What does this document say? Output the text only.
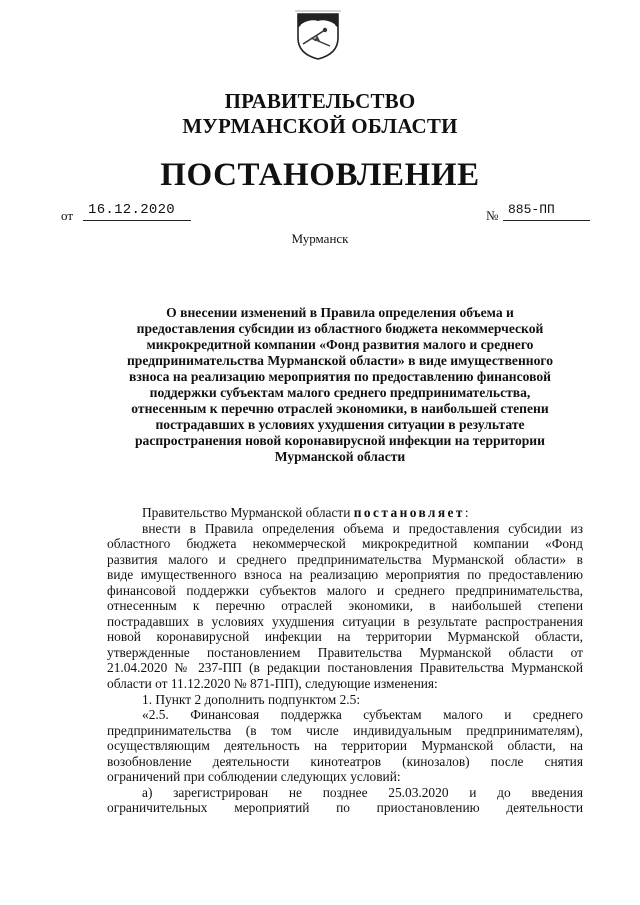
ПРАВИТЕЛЬСТВО
МУРМАНСКОЙ ОБЛАСТИ
ПОСТАНОВЛЕНИЕ
от	16.12.2020	№ 885-ПП
Мурманск
О внесении изменений в Правила определения объема и
предоставления субсидии из областного бюджета некоммерческой
микрокредитной компании «Фонд развития малого и среднего
предпринимательства Мурманской области» в виде имущественного
взноса на реализацию мероприятия по предоставлению финансовой
поддержки субъектам малого среднего предпринимательства,
отнесенным к перечню отраслей экономики, в наибольшей степени
пострадавших в условиях ухудшения ситуации в результате
распространения новой коронавирусной инфекции на территории
Мурманской области
Правительство Мурманской области постановляет:
внести в Правила определения объема и предоставления субсидии из
областного бюджета некоммерческой микрокредитной компании «Фонд
развития малого и среднего предпринимательства Мурманской области» в
виде имущественного взноса на реализацию мероприятия по предоставлению
финансовой поддержки субъектов малого и среднего предпринимательства,
отнесенным к перечню отраслей экономики, в наибольшей степени
пострадавших в условиях ухудшения ситуации в результате распространения
новой коронавирусной инфекции на территории Мурманской области,
утвержденные постановлением Правительства Мурманской области от
21.04.2020 № 237-ПП (в редакции постановления Правительства Мурманской
области от 11.12.2020 № 871-ПП), следующие изменения:
1. Пункт 2 дополнить подпунктом 2.5:
«2.5. Финансовая поддержка субъектам малого и среднего
предпринимательства (в том числе индивидуальным предпринимателям),
осуществляющим деятельность на территории Мурманской области, на
возобновление деятельности кинотеатров (кинозалов) после снятия
ограничений при соблюдении следующих условий:
а) зарегистрирован не позднее 25.03.2020 и до введения
ограничительных мероприятий по приостановлению деятельности
